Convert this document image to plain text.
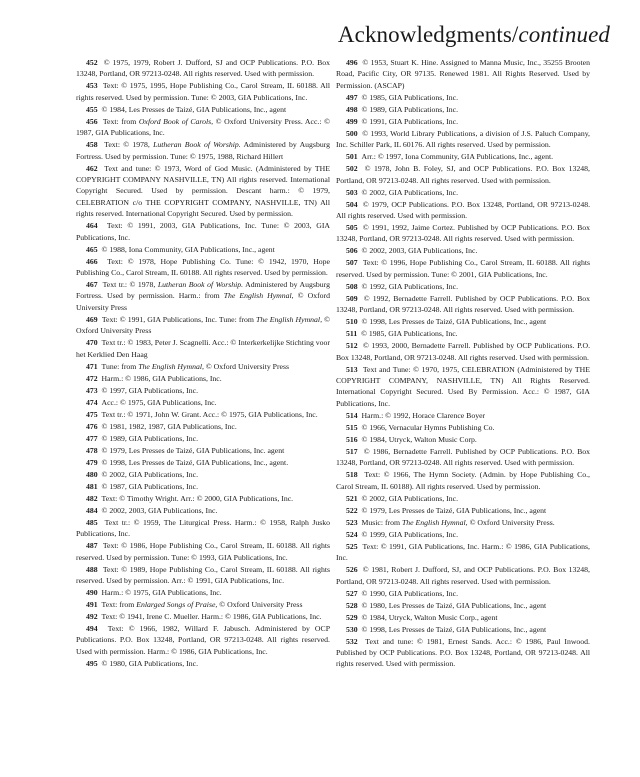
Acknowledgments/continued

452 © 1975, 1979, Robert J. Dufford, SJ and OCP Publications. P.O. Box 13248, Portland, OR 97213-0248. All rights reserved. Used with permission.

453 Text: © 1975, 1995, Hope Publishing Co., Carol Stream, IL 60188. All rights reserved. Used by permission. Tune: © 2003, GIA Publications, Inc.

455 © 1984, Les Presses de Taizé, GIA Publications, Inc., agent

456 Text: from Oxford Book of Carols, © Oxford University Press. Acc.: © 1987, GIA Publications, Inc.

458 Text: © 1978, Lutheran Book of Worship. Administered by Augsburg Fortress. Used by permission. Tune: © 1975, 1988, Richard Hillert

462 Text and tune: © 1973, Word of God Music. (Administered by THE COPYRIGHT COMPANY NASHVILLE, TN) All rights reserved. International Copyright Secured. Used by permission. Descant harm.: © 1979, CELEBRATION c/o THE COPYRIGHT COMPANY, NASHVILLE, TN) All rights reserved. International Copyright Secured. Used by permission.

464 Text: © 1991, 2003, GIA Publications, Inc. Tune: © 2003, GIA Publications, Inc.

465 © 1988, Iona Community, GIA Publications, Inc., agent

466 Text: © 1978, Hope Publishing Co. Tune: © 1942, 1970, Hope Publishing Co., Carol Stream, IL 60188. All rights reserved. Used by permission.

467 Text tr.: © 1978, Lutheran Book of Worship. Administered by Augsburg Fortress. Used by permission. Harm.: from The English Hymnal, © Oxford University Press

469 Text: © 1991, GIA Publications, Inc. Tune: from The English Hymnal, © Oxford University Press

470 Text tr.: © 1983, Peter J. Scagnelli. Acc.: © Interkerkelijke Stichting voor het Kerklied Den Haag

471 Tune: from The English Hymnal, © Oxford University Press

472 Harm.: © 1986, GIA Publications, Inc.

473 © 1997, GIA Publications, Inc.

474 Acc.: © 1975, GIA Publications, Inc.

475 Text tr.: © 1971, John W. Grant. Acc.: © 1975, GIA Publications, Inc.

476 © 1981, 1982, 1987, GIA Publications, Inc.

477 © 1989, GIA Publications, Inc.

478 © 1979, Les Presses de Taizé, GIA Publications, Inc. agent

479 © 1998, Les Presses de Taizé, GIA Publications, Inc., agent.

480 © 2002, GIA Publications, Inc.

481 © 1987, GIA Publications, Inc.

482 Text: © Timothy Wright. Arr.: © 2000, GIA Publications, Inc.

484 © 2002, 2003, GIA Publications, Inc.

485 Text tr.: © 1959, The Liturgical Press. Harm.: © 1958, Ralph Jusko Publications, Inc.

487 Text: © 1986, Hope Publishing Co., Carol Stream, IL 60188. All rights reserved. Used by permission. Tune: © 1993, GIA Publications, Inc.

488 Text: © 1989, Hope Publishing Co., Carol Stream, IL 60188. All rights reserved. Used by permission. Arr.: © 1991, GIA Publications, Inc.

490 Harm.: © 1975, GIA Publications, Inc.

491 Text: from Enlarged Songs of Praise, © Oxford University Press

492 Text: © 1941, Irene C. Mueller. Harm.: © 1986, GIA Publications, Inc.

494 Text: © 1966, 1982, Willard F. Jabusch. Administered by OCP Publications. P.O. Box 13248, Portland, OR 97213-0248. All rights reserved. Used with permission. Harm.: © 1986, GIA Publications, Inc.

495 © 1980, GIA Publications, Inc.

496 © 1953, Stuart K. Hine. Assigned to Manna Music, Inc., 35255 Brooten Road, Pacific City, OR 97135. Renewed 1981. All Rights Reserved. Used by Permission. (ASCAP)

497 © 1985, GIA Publications, Inc.

498 © 1989, GIA Publications, Inc.

499 © 1991, GIA Publications, Inc.

500 © 1993, World Library Publications, a division of J.S. Paluch Company, Inc. Schiller Park, IL 60176. All rights reserved. Used by permission.

501 Arr.: © 1997, Iona Community, GIA Publications, Inc., agent.

502 © 1978, John B. Foley, SJ, and OCP Publications. P.O. Box 13248, Portland, OR 97213-0248. All rights reserved. Used with permission.

503 © 2002, GIA Publications, Inc.

504 © 1979, OCP Publications. P.O. Box 13248, Portland, OR 97213-0248. All rights reserved. Used with permission.

505 © 1991, 1992, Jaime Cortez. Published by OCP Publications. P.O. Box 13248, Portland, OR 97213-0248. All rights reserved. Used with permission.

506 © 2002, 2003, GIA Publications, Inc.

507 Text: © 1996, Hope Publishing Co., Carol Stream, IL 60188. All rights reserved. Used by permission. Tune: © 2001, GIA Publications, Inc.

508 © 1992, GIA Publications, Inc.

509 © 1992, Bernadette Farrell. Published by OCP Publications. P.O. Box 13248, Portland, OR 97213-0248. All rights reserved. Used with permission.

510 © 1998, Les Presses de Taizé, GIA Publications, Inc., agent

511 © 1985, GIA Publications, Inc.

512 © 1993, 2000, Bernadette Farrell. Published by OCP Publications. P.O. Box 13248, Portland, OR 97213-0248. All rights reserved. Used with permission.

513 Text and Tune: © 1970, 1975, CELEBRATION (Administered by THE COPYRIGHT COMPANY, NASHVILLE, TN) All Rights Reserved. International Copyright Secured. Used By Permission. Acc.: © 1987, GIA Publications, Inc.

514 Harm.: © 1992, Horace Clarence Boyer

515 © 1966, Vernacular Hymns Publishing Co.

516 © 1984, Utryck, Walton Music Corp.

517 © 1986, Bernadette Farrell. Published by OCP Publications. P.O. Box 13248, Portland, OR 97213-0248. All rights reserved. Used with permission.

518 Text: © 1966, The Hymn Society. (Admin. by Hope Publishing Co., Carol Stream, IL 60188). All rights reserved. Used by permission.

521 © 2002, GIA Publications, Inc.

522 © 1979, Les Presses de Taizé, GIA Publications, Inc., agent

523 Music: from The English Hymnal, © Oxford University Press.

524 © 1999, GIA Publications, Inc.

525 Text: © 1991, GIA Publications, Inc. Harm.: © 1986, GIA Publications, Inc.

526 © 1981, Robert J. Dufford, SJ, and OCP Publications. P.O. Box 13248, Portland, OR 97213-0248. All rights reserved. Used with permission.

527 © 1990, GIA Publications, Inc.

528 © 1980, Les Presses de Taizé, GIA Publications, Inc., agent

529 © 1984, Utryck, Walton Music Corp., agent

530 © 1998, Les Presses de Taizé, GIA Publications, Inc., agent

532 Text and tune: © 1981, Ernest Sands. Acc.: © 1986, Paul Inwood. Published by OCP Publications. P.O. Box 13248, Portland, OR 97213-0248. All rights reserved. Used with permission.
